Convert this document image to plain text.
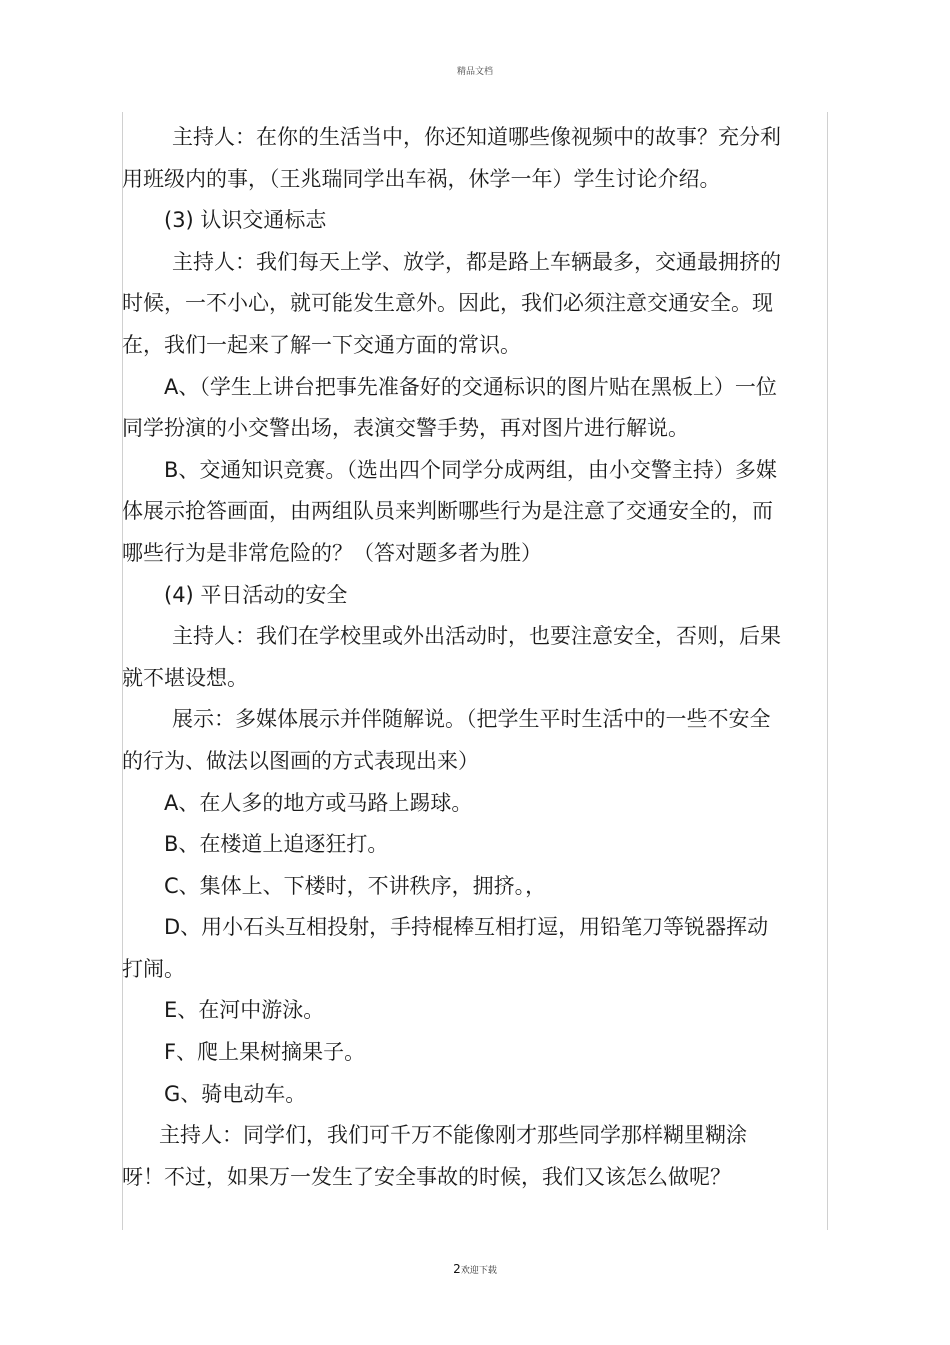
精品文档

主持人：在你的生活当中，你还知道哪些像视频中的故事？充分利用班级内的事，（王兆瑞同学出车祸，休学一年）学生讨论介绍。

(3) 认识交通标志

主持人：我们每天上学、放学，都是路上车辆最多，交通最拥挤的时候，一不小心，就可能发生意外。因此，我们必须注意交通安全。现在，我们一起来了解一下交通方面的常识。

A、（学生上讲台把事先准备好的交通标识的图片贴在黑板上）一位同学扮演的小交警出场，表演交警手势，再对图片进行解说。

B、交通知识竞赛。（选出四个同学分成两组，由小交警主持）多媒体展示抢答画面，由两组队员来判断哪些行为是注意了交通安全的，而哪些行为是非常危险的？（答对题多者为胜）

(4) 平日活动的安全

主持人：我们在学校里或外出活动时，也要注意安全，否则，后果就不堪设想。

展示：多媒体展示并伴随解说。（把学生平时生活中的一些不安全的行为、做法以图画的方式表现出来）

A、在人多的地方或马路上踢球。

B、在楼道上追逐狂打。

C、集体上、下楼时，不讲秩序，拥挤。，

D、用小石头互相投射，手持棍棒互相打逗，用铅笔刀等锐器挥动打闹。

E、在河中游泳。

F、爬上果树摘果子。

G、骑电动车。

主持人：同学们，我们可千万不能像刚才那些同学那样糊里糊涂呀！不过，如果万一发生了安全事故的时候，我们又该怎么做呢？

2欢迎下载
